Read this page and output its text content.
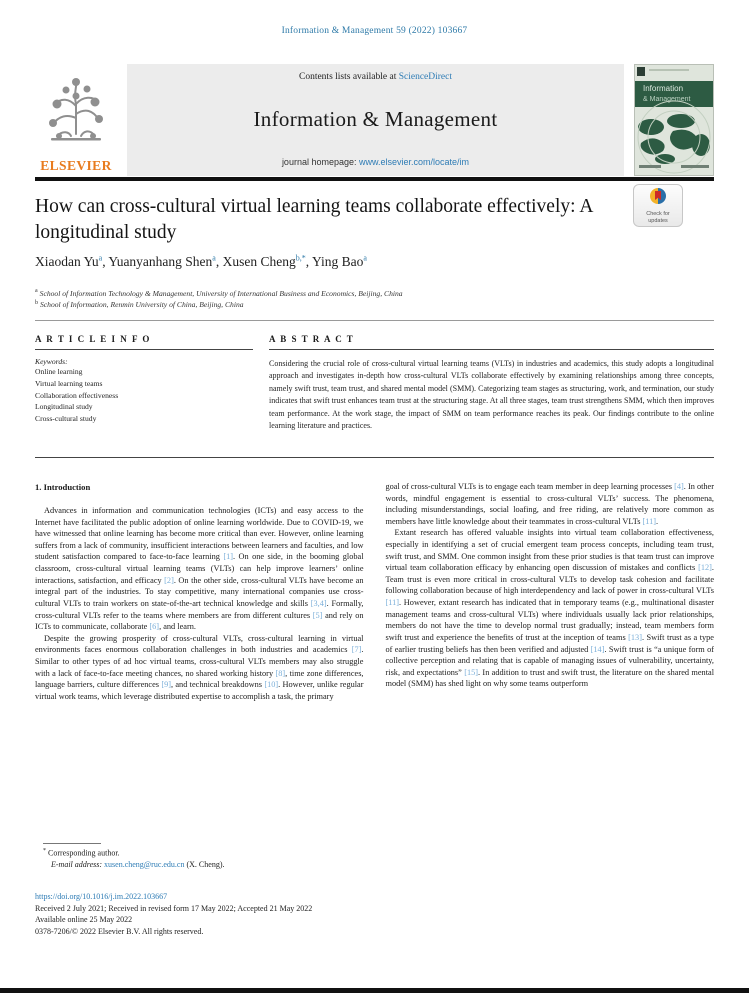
Information & Management 59 (2022) 103667
ELSEVIER
Contents lists available at ScienceDirect
Information & Management
journal homepage: www.elsevier.com/locate/im
Information
& Management
How can cross-cultural virtual learning teams collaborate effectively: A longitudinal study
Check for
updates
Xiaodan Yu$^a$, Yuanyanhang Shen$^a$, Xusen Cheng$^{b,*}$, Ying Bao$^a$
$^a$ School of Information Technology & Management, University of International Business and Economics, Beijing, China
$^b$ School of Information, Renmin University of China, Beijing, China
A R T I C L E I N F O
Keywords:
Online learning
Virtual learning teams
Collaboration effectiveness
Longitudinal study
Cross-cultural study
A B S T R A C T
Considering the crucial role of cross-cultural virtual learning teams (VLTs) in industries and academics, this study adopts a longitudinal approach and investigates in-depth how cross-cultural VLTs collaborate effectively by examining relationships among three concepts, namely swift trust, team trust, and shared mental model (SMM). Categorizing team stages as structuring, work, and termination, our study indicates that swift trust enhances team trust at the structuring stage. At all three stages, team trust strengthens SMM, which then improves team performance. At the work stage, the impact of SMM on team performance reaches its peak. Our findings contribute to the online learning literature and practices.
1. Introduction

Advances in information and communication technologies (ICTs) and easy access to the Internet have facilitated the public adoption of online learning worldwide. Due to COVID-19, we have witnessed that online learning has become more critical than ever. However, online learning suffers from a lack of community, insufficient interactions between learners and faculties, and low student satisfaction compared to face-to-face learning [1]. On one side, in the booming global classroom, cross-cultural virtual learning teams (VLTs) can help improve learners’ online interactions, satisfaction, and efficacy [2]. On the other side, cross-cultural VLTs have become an integral part of the industries. To stay competitive, many international companies use cross-cultural VLTs to train workers on state-of-the-art technical knowledge and skills [3,4]. Formally, cross-cultural VLTs refer to the teams where members are from different cultures [5] and rely on ICTs to communicate, collaborate [6], and learn.

Despite the growing prosperity of cross-cultural VLTs, cross-cultural learning in virtual environments faces enormous collaboration challenges in both industries and academics [7]. Similar to other types of ad hoc virtual teams, cross-cultural VLTs members may also struggle with a lack of face-to-face meeting chances, no shared working history [8], time zone differences, language barriers, culture differences [9], and technical breakdowns [10]. However, unlike regular virtual work teams, which leverage distributed expertise to accomplish a task, the primary

goal of cross-cultural VLTs is to engage each team member in deep learning processes [4]. In other words, mindful engagement is essential to cross-cultural VLTs’ success. The phenomena, including misunderstandings, social loafing, and free riding, are relatively more common as members have little knowledge about their teammates in cross-cultural VLTs [11].

Extant research has offered valuable insights into virtual team collaboration effectiveness, especially in identifying a set of crucial emergent team process concepts, including team trust, swift trust, and SMM. One common insight from these prior studies is that team trust can improve virtual team collaboration efficacy by enhancing open discussion of mistakes and conflicts [12]. Team trust is even more critical in cross-cultural VLTs to develop task cohesion and facilitate following collaboration because of high interdependency and lack of power in cross-cultural VLTs [11]. However, extant research has indicated that in temporary teams (e.g., multinational disaster management teams and cross-cultural VLTs) where individuals usually lack prior relationships, members do not have the time to develop normal trust gradually; instead, team members form swift trust and experience the benefits of trust at the inception of teams [13]. Swift trust as a type of earlier trusting beliefs has then been verified and adjusted [14]. Swift trust is “a unique form of collective perception and relating that is capable of managing issues of vulnerability, uncertainty, risk, and expectations” [15]. In addition to trust and swift trust, the literature on the shared mental model (SMM) has shed light on why some teams outperform

* Corresponding author.
E-mail address: xusen.cheng@ruc.edu.cn (X. Cheng).
https://doi.org/10.1016/j.im.2022.103667
Received 2 July 2021; Received in revised form 17 May 2022; Accepted 21 May 2022
Available online 25 May 2022
0378-7206/© 2022 Elsevier B.V. All rights reserved.
